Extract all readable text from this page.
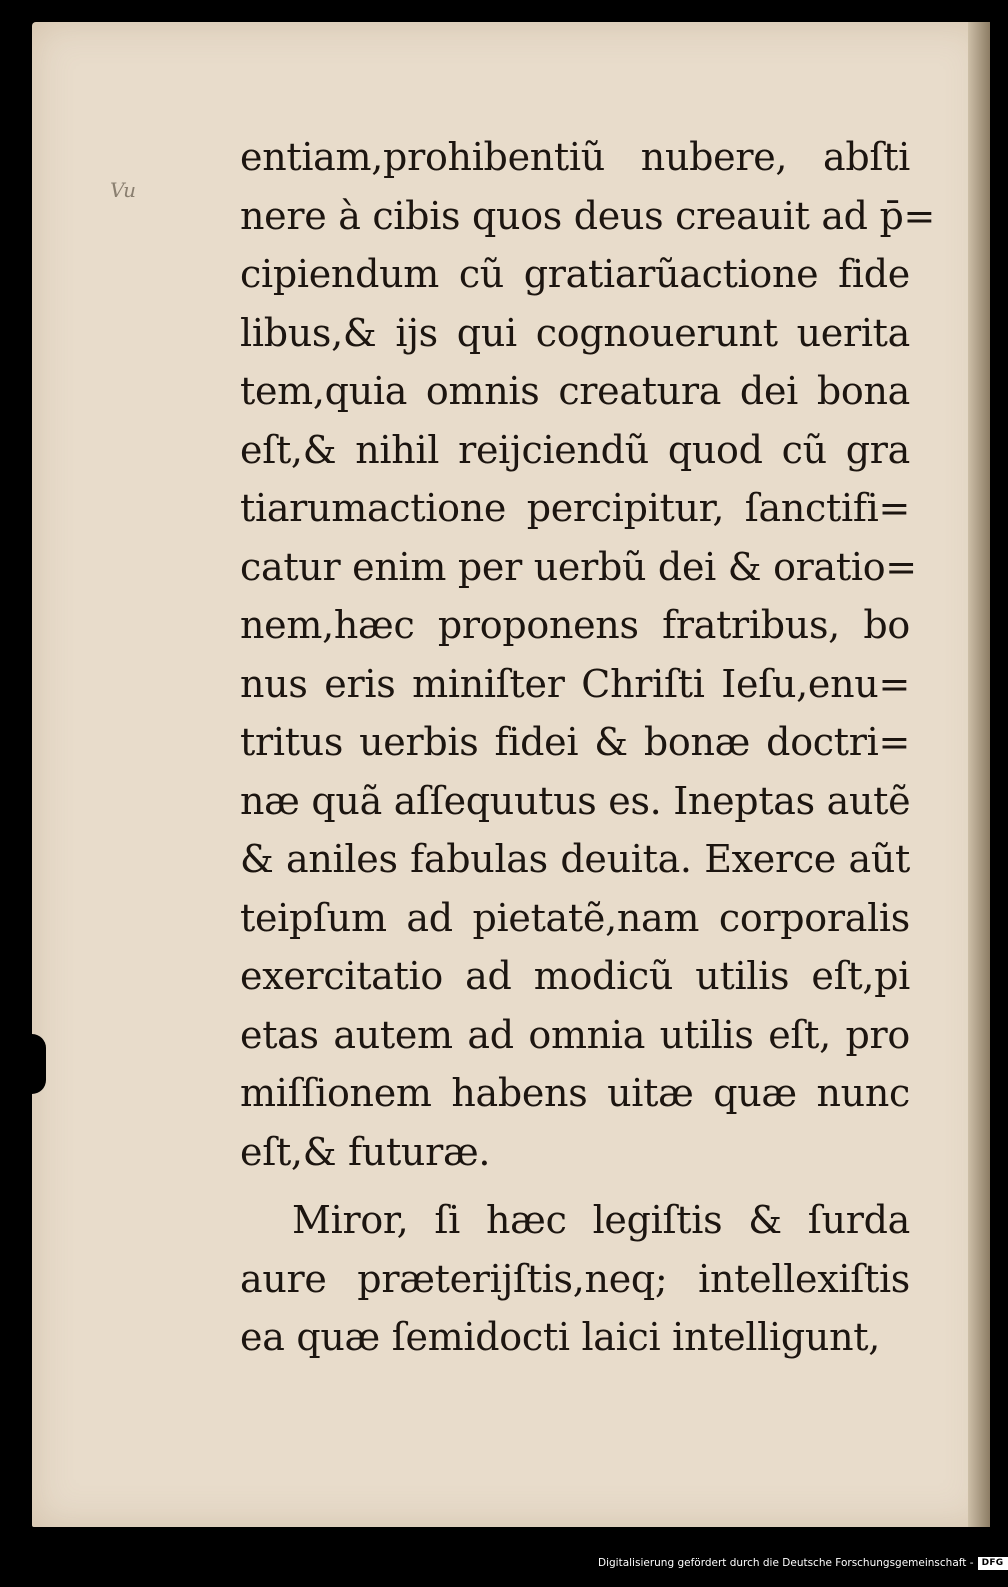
Vu
entiam,prohibentiũ nubere, abſti
nere à cibis quos deus creauit ad p̄=
cipiendum cũ gratiarũactione fide
libus,& ijs qui cognouerunt uerita
tem,quia omnis creatura dei bona
eſt,& nihil reijciendũ quod cũ gra
tiarumactione percipitur, ſanctifi=
catur enim per uerbũ dei & oratio=
nem,hæc proponens fratribus, bo
nus eris miniſter Chriſti Ieſu,enu=
tritus uerbis fidei & bonæ doctri=
næ quã aſſequutus es. Ineptas autẽ
& aniles fabulas deuita. Exerce aũt
teipſum ad pietatẽ,nam corporalis
exercitatio ad modicũ utilis eſt,pi
etas autem ad omnia utilis eſt, pro
miſſionem habens uitæ quæ nunc
eſt,& futuræ.
Miror, ſi hæc legiſtis & ſurda
aure præterijſtis,neq; intellexiſtis
ea quæ ſemidocti laici intelligunt,
Digitalisierung gefördert durch die Deutsche Forschungsgemeinschaft - DFG
